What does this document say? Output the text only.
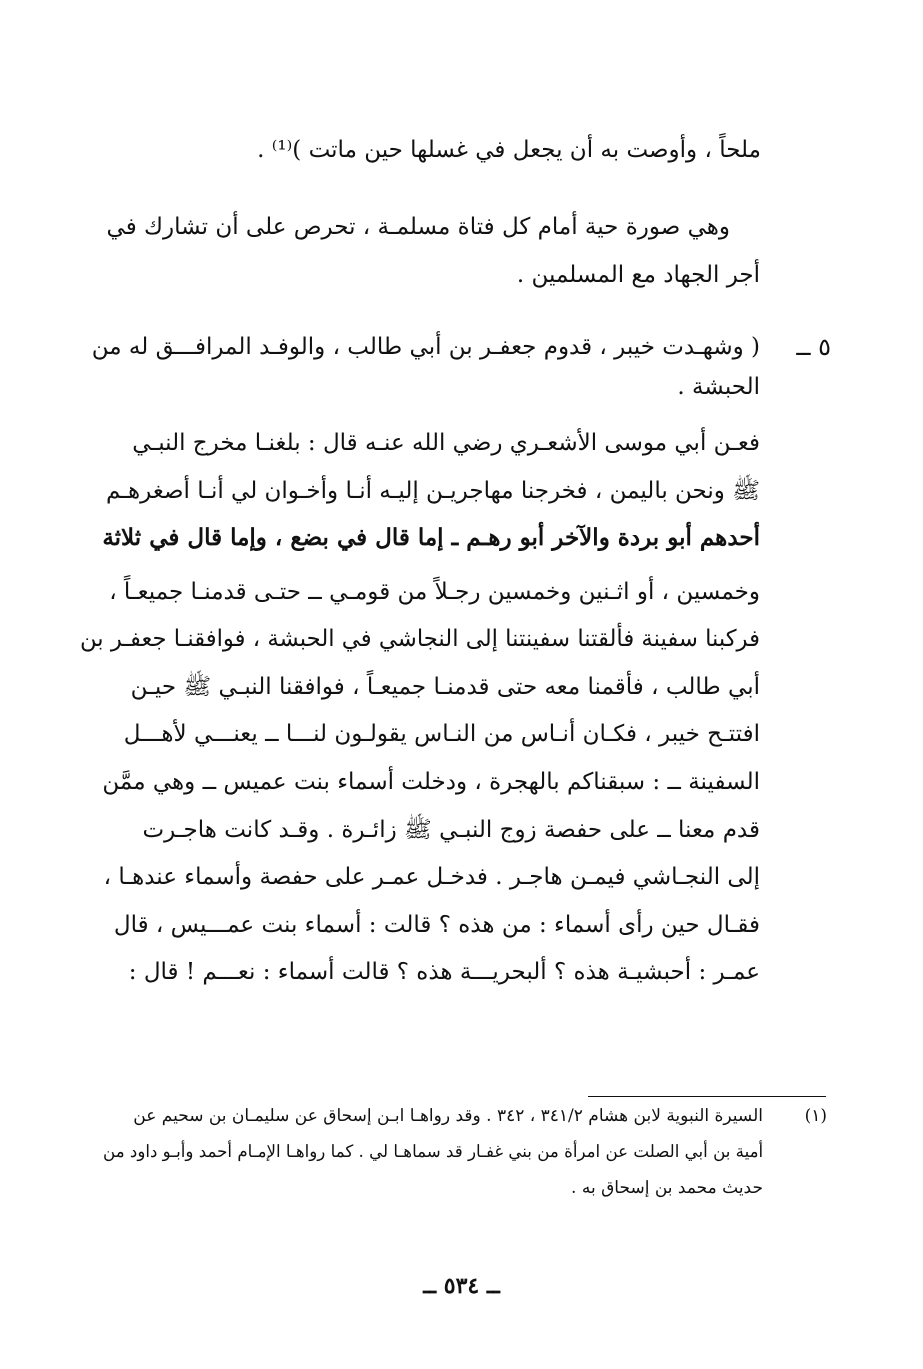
ملحاً ، وأوصت به أن يجعل في غسلها حين ماتت )⁽¹⁾ .

وهي صورة حية أمام كل فتاة مسلمـة ، تحرص على أن تشارك في

أجر الجهاد مع المسلمين .

٥ ــ

( وشهـدت خيبر ، قدوم جعفـر بن أبي طالب ، والوفـد المرافـــق له من

الحبشة .

فعـن أبي موسى الأشعـري رضي الله عنـه قال : بلغنـا مخرج النبـي

ﷺ ونحن باليمن ، فخرجنا مهاجريـن إليـه أنـا وأخـوان لي أنـا أصغرهـم

أحدهم أبو بردة والآخر أبو رهـم ـ إما قال في بضع ، وإما قال في ثلاثة

وخمسين ، أو اثـنين وخمسين رجـلاً من قومـي ــ حتـى قدمنـا جميعـاً ،

فركبنا سفينة فألقتنا سفينتنا إلى النجاشي في الحبشة ، فوافقنـا جعفـر بن

أبي طالب ، فأقمنا معه حتى قدمنـا جميعـاً ، فوافقنا النبـي ﷺ حيـن

افتتـح خيبر ، فكـان أنـاس من النـاس يقولـون لنـــا ــ يعنـــي لأهـــل

السفينة ــ : سبقناكم بالهجرة ، ودخلت أسماء بنت عميس ــ وهي ممَّن

قدم معنا ــ على حفصة زوج النبـي ﷺ زائـرة . وقـد كانت هاجـرت

إلى النجـاشي فيمـن هاجـر . فدخـل عمـر على حفصة وأسماء عندهـا ،

فقـال حين رأى أسماء : من هذه ؟ قالت : أسماء بنت عمـــيس ، قال

عمـر : أحبشيـة هذه ؟ ألبحريـــة هذه ؟ قالت أسماء : نعـــم ! قال :

(١)

السيرة النبوية لابن هشام ٣٤١/٢ ، ٣٤٢ . وقد رواهـا ابـن إسحاق عن سليمـان بن سحيم عن

أمية بن أبي الصلت عن امرأة من بني غفـار قد سماهـا لي . كما رواهـا الإمـام أحمد وأبـو داود من

حديث محمد بن إسحاق به .

ــ ٥٣٤ ــ
